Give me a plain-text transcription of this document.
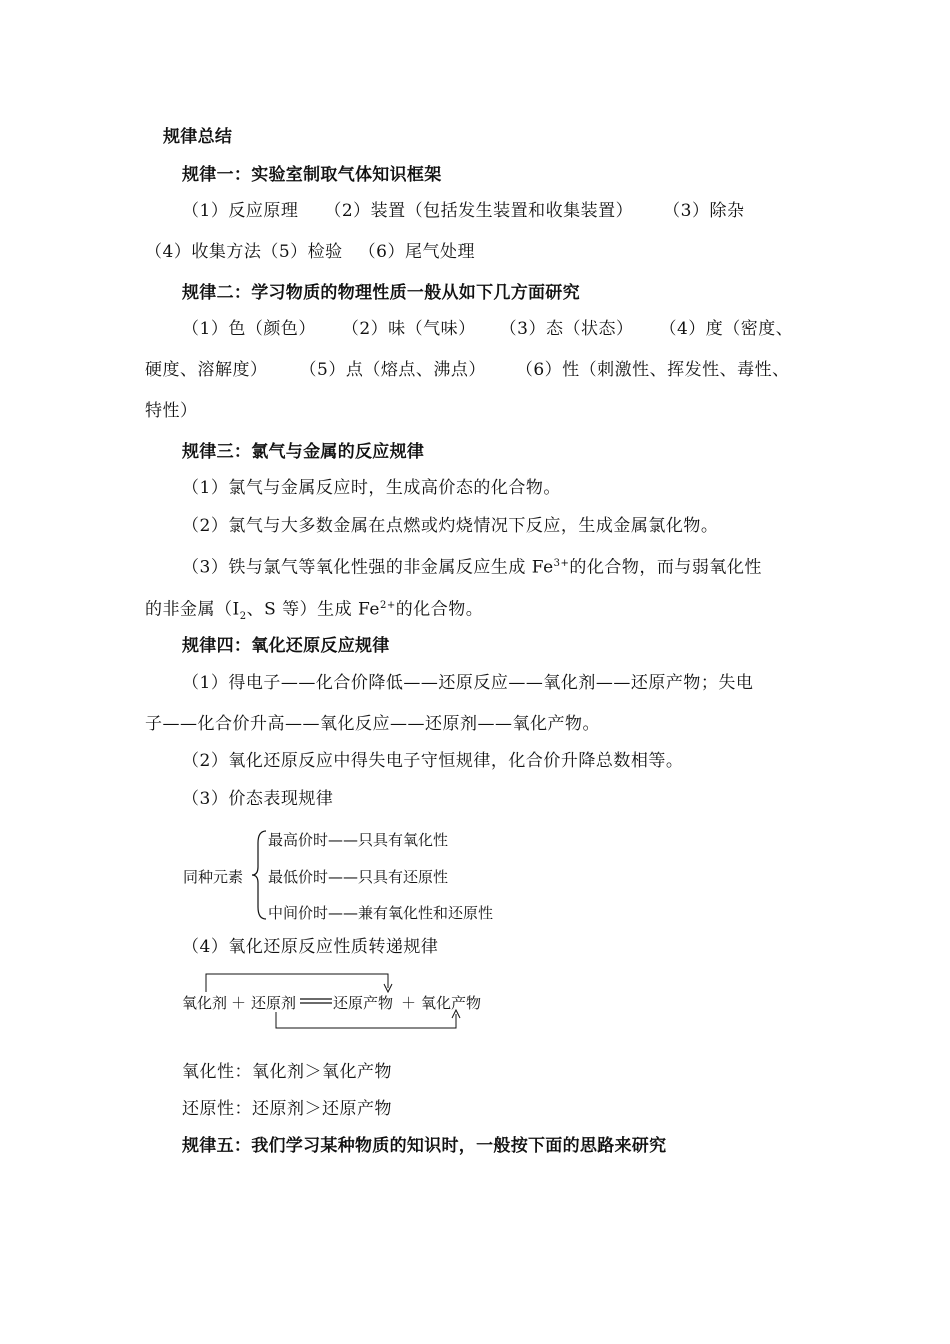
规律总结
规律一：实验室制取气体知识框架
（1）反应原理 （2）装置（包括发生装置和收集装置） （3）除杂
（4）收集方法（5）检验 （6）尾气处理
规律二：学习物质的物理性质一般从如下几方面研究
（1）色（颜色） （2）味（气味） （3）态（状态） （4）度（密度、
硬度、溶解度） （5）点（熔点、沸点） （6）性（刺激性、挥发性、毒性、
特性）
规律三：氯气与金属的反应规律
（1）氯气与金属反应时，生成高价态的化合物。
（2）氯气与大多数金属在点燃或灼烧情况下反应，生成金属氯化物。
（3）铁与氯气等氧化性强的非金属反应生成 $Fe^{3+}$的化合物，而与弱氧化性
的非金属（$I_2$、S 等）生成 $Fe^{2+}$的化合物。
规律四：氧化还原反应规律
（1）得电子——化合价降低——还原反应——氧化剂——还原产物；失电
子——化合价升高——氧化反应——还原剂——氧化产物。
（2）氧化还原反应中得失电子守恒规律，化合价升降总数相等。
（3）价态表现规律
同种元素
最高价时——只具有氧化性
最低价时——只具有还原性
中间价时——兼有氧化性和还原性
（4）氧化还原反应性质转递规律
氧化剂 ＋ 还原剂 还原产物 ＋ 氧化产物
氧化性：氧化剂＞氧化产物
还原性：还原剂＞还原产物
规律五：我们学习某种物质的知识时，一般按下面的思路来研究
